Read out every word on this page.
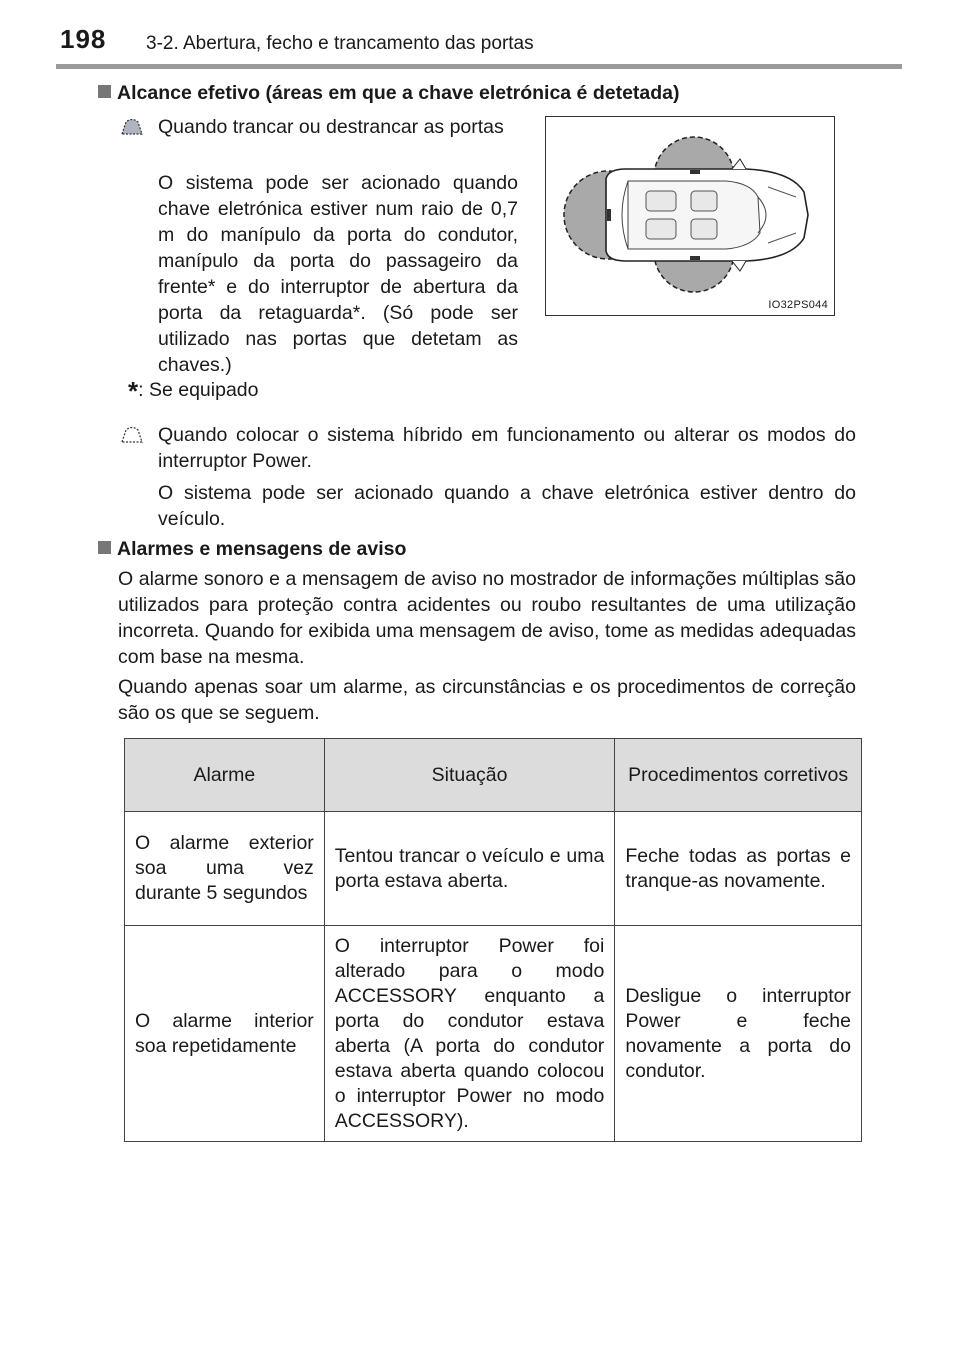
198 3-2. Abertura, fecho e trancamento das portas
Alcance efetivo (áreas em que a chave eletrónica é detetada)
Quando trancar ou destrancar as portas
O sistema pode ser acionado quando chave eletrónica estiver num raio de 0,7 m do manípulo da porta do condutor, manípulo da porta do passageiro da frente* e do interruptor de abertura da porta da retaguarda*. (Só pode ser utilizado nas portas que detetam as chaves.)
IO32PS044
*: Se equipado
Quando colocar o sistema híbrido em funcionamento ou alterar os modos do interruptor Power.
O sistema pode ser acionado quando a chave eletrónica estiver dentro do veículo.
Alarmes e mensagens de aviso
O alarme sonoro e a mensagem de aviso no mostrador de informações múltiplas são utilizados para proteção contra acidentes ou roubo resultantes de uma utilização incorreta. Quando for exibida uma mensagem de aviso, tome as medidas adequadas com base na mesma.
Quando apenas soar um alarme, as circunstâncias e os procedimentos de correção são os que se seguem.
Alarme	Situação	Procedimentos corretivos
O alarme exterior soa uma vez durante 5 segundos	Tentou trancar o veículo e uma porta estava aberta.	Feche todas as portas e tranque-as novamente.
O alarme interior soa repetidamente	O interruptor Power foi alterado para o modo ACCESSORY enquanto a porta do condutor estava aberta (A porta do condutor estava aberta quando colocou o interruptor Power no modo ACCESSORY).	Desligue o interruptor Power e feche novamente a porta do condutor.
